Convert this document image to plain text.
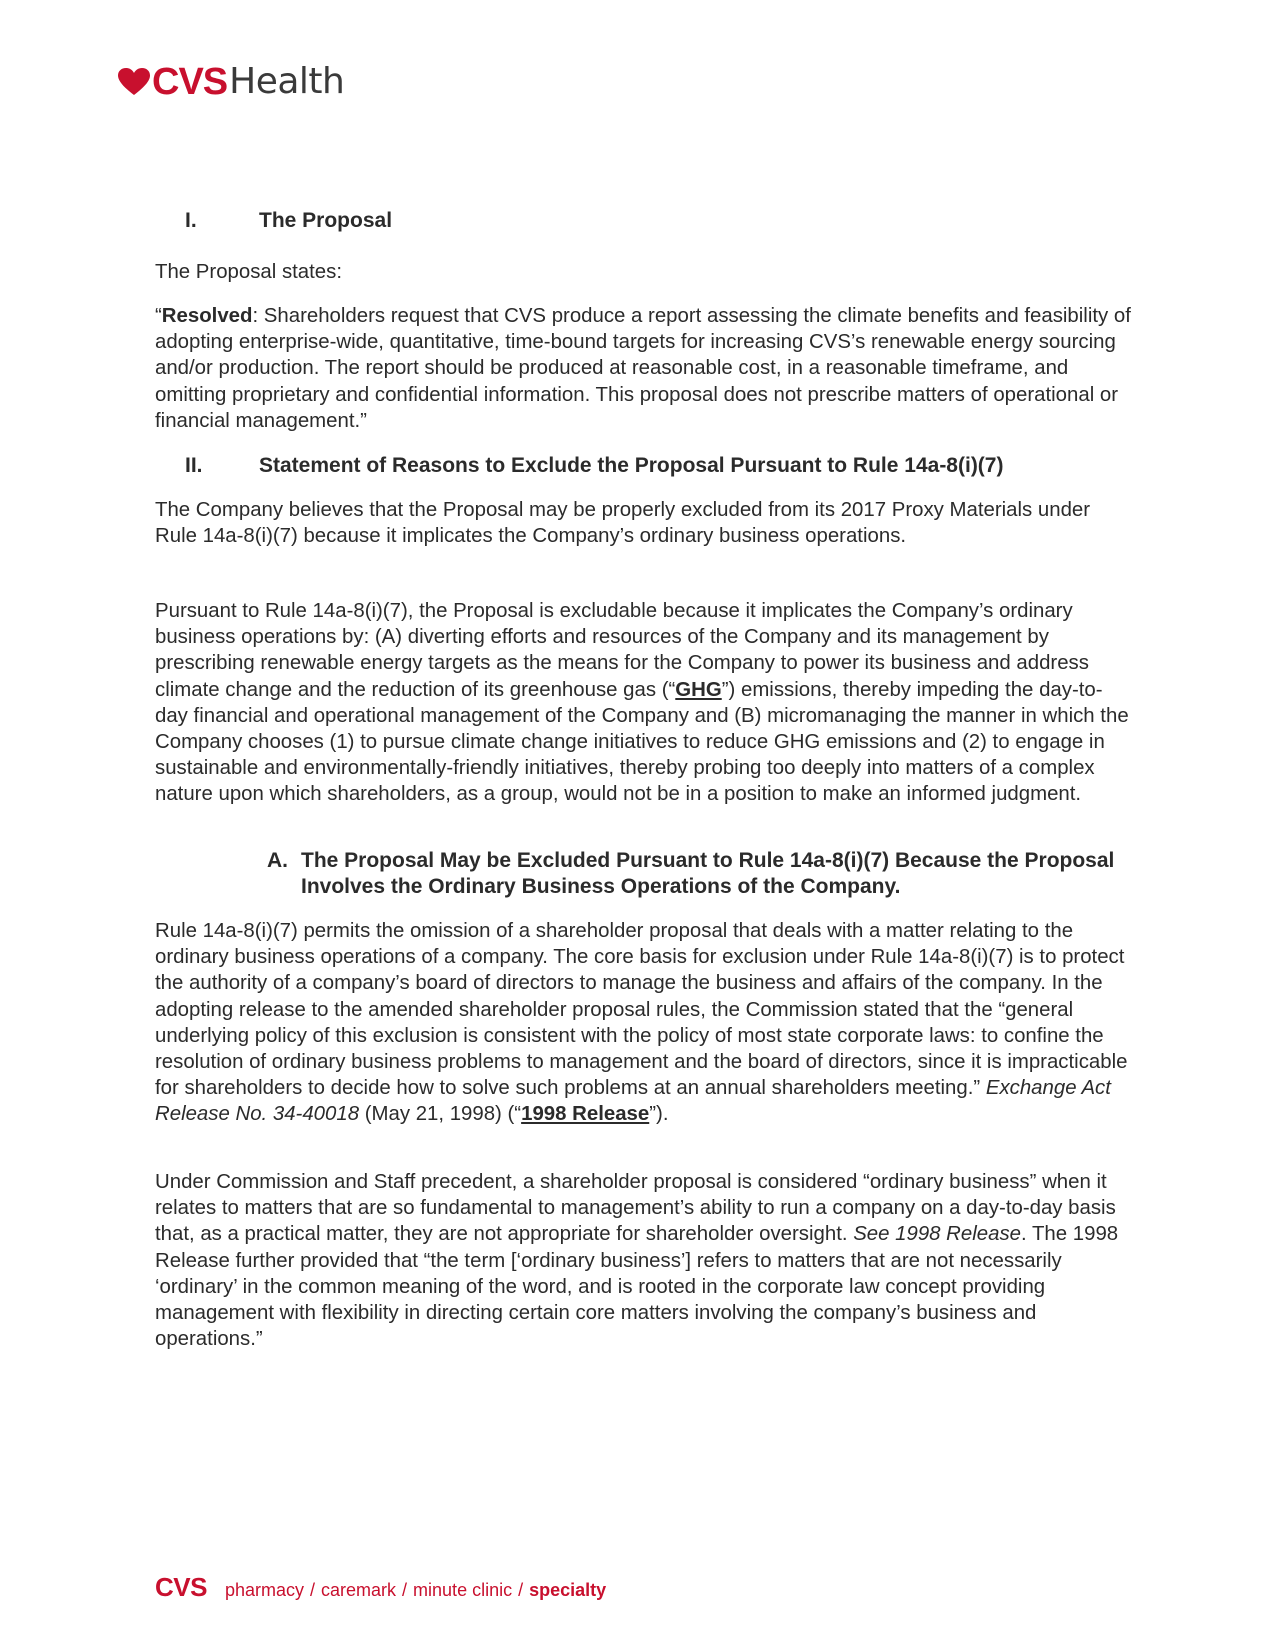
CVS Health
I.	The Proposal
The Proposal states:
“Resolved: Shareholders request that CVS produce a report assessing the climate benefits and feasibility of adopting enterprise-wide, quantitative, time-bound targets for increasing CVS’s renewable energy sourcing and/or production. The report should be produced at reasonable cost, in a reasonable timeframe, and omitting proprietary and confidential information. This proposal does not prescribe matters of operational or financial management.”
II.	Statement of Reasons to Exclude the Proposal Pursuant to Rule 14a-8(i)(7)
The Company believes that the Proposal may be properly excluded from its 2017 Proxy Materials under Rule 14a-8(i)(7) because it implicates the Company’s ordinary business operations.
Pursuant to Rule 14a-8(i)(7), the Proposal is excludable because it implicates the Company’s ordinary business operations by: (A) diverting efforts and resources of the Company and its management by prescribing renewable energy targets as the means for the Company to power its business and address climate change and the reduction of its greenhouse gas (“GHG”) emissions, thereby impeding the day-to-day financial and operational management of the Company and (B) micromanaging the manner in which the Company chooses (1) to pursue climate change initiatives to reduce GHG emissions and (2) to engage in sustainable and environmentally-friendly initiatives, thereby probing too deeply into matters of a complex nature upon which shareholders, as a group, would not be in a position to make an informed judgment.
A. The Proposal May be Excluded Pursuant to Rule 14a-8(i)(7) Because the Proposal Involves the Ordinary Business Operations of the Company.
Rule 14a-8(i)(7) permits the omission of a shareholder proposal that deals with a matter relating to the ordinary business operations of a company. The core basis for exclusion under Rule 14a-8(i)(7) is to protect the authority of a company’s board of directors to manage the business and affairs of the company. In the adopting release to the amended shareholder proposal rules, the Commission stated that the “general underlying policy of this exclusion is consistent with the policy of most state corporate laws: to confine the resolution of ordinary business problems to management and the board of directors, since it is impracticable for shareholders to decide how to solve such problems at an annual shareholders meeting.” Exchange Act Release No. 34-40018 (May 21, 1998) (“1998 Release”).
Under Commission and Staff precedent, a shareholder proposal is considered “ordinary business” when it relates to matters that are so fundamental to management’s ability to run a company on a day-to-day basis that, as a practical matter, they are not appropriate for shareholder oversight. See 1998 Release. The 1998 Release further provided that “the term [‘ordinary business’] refers to matters that are not necessarily ‘ordinary’ in the common meaning of the word, and is rooted in the corporate law concept providing management with flexibility in directing certain core matters involving the company’s business and operations.”
CVS pharmacy / caremark / minute clinic / specialty
